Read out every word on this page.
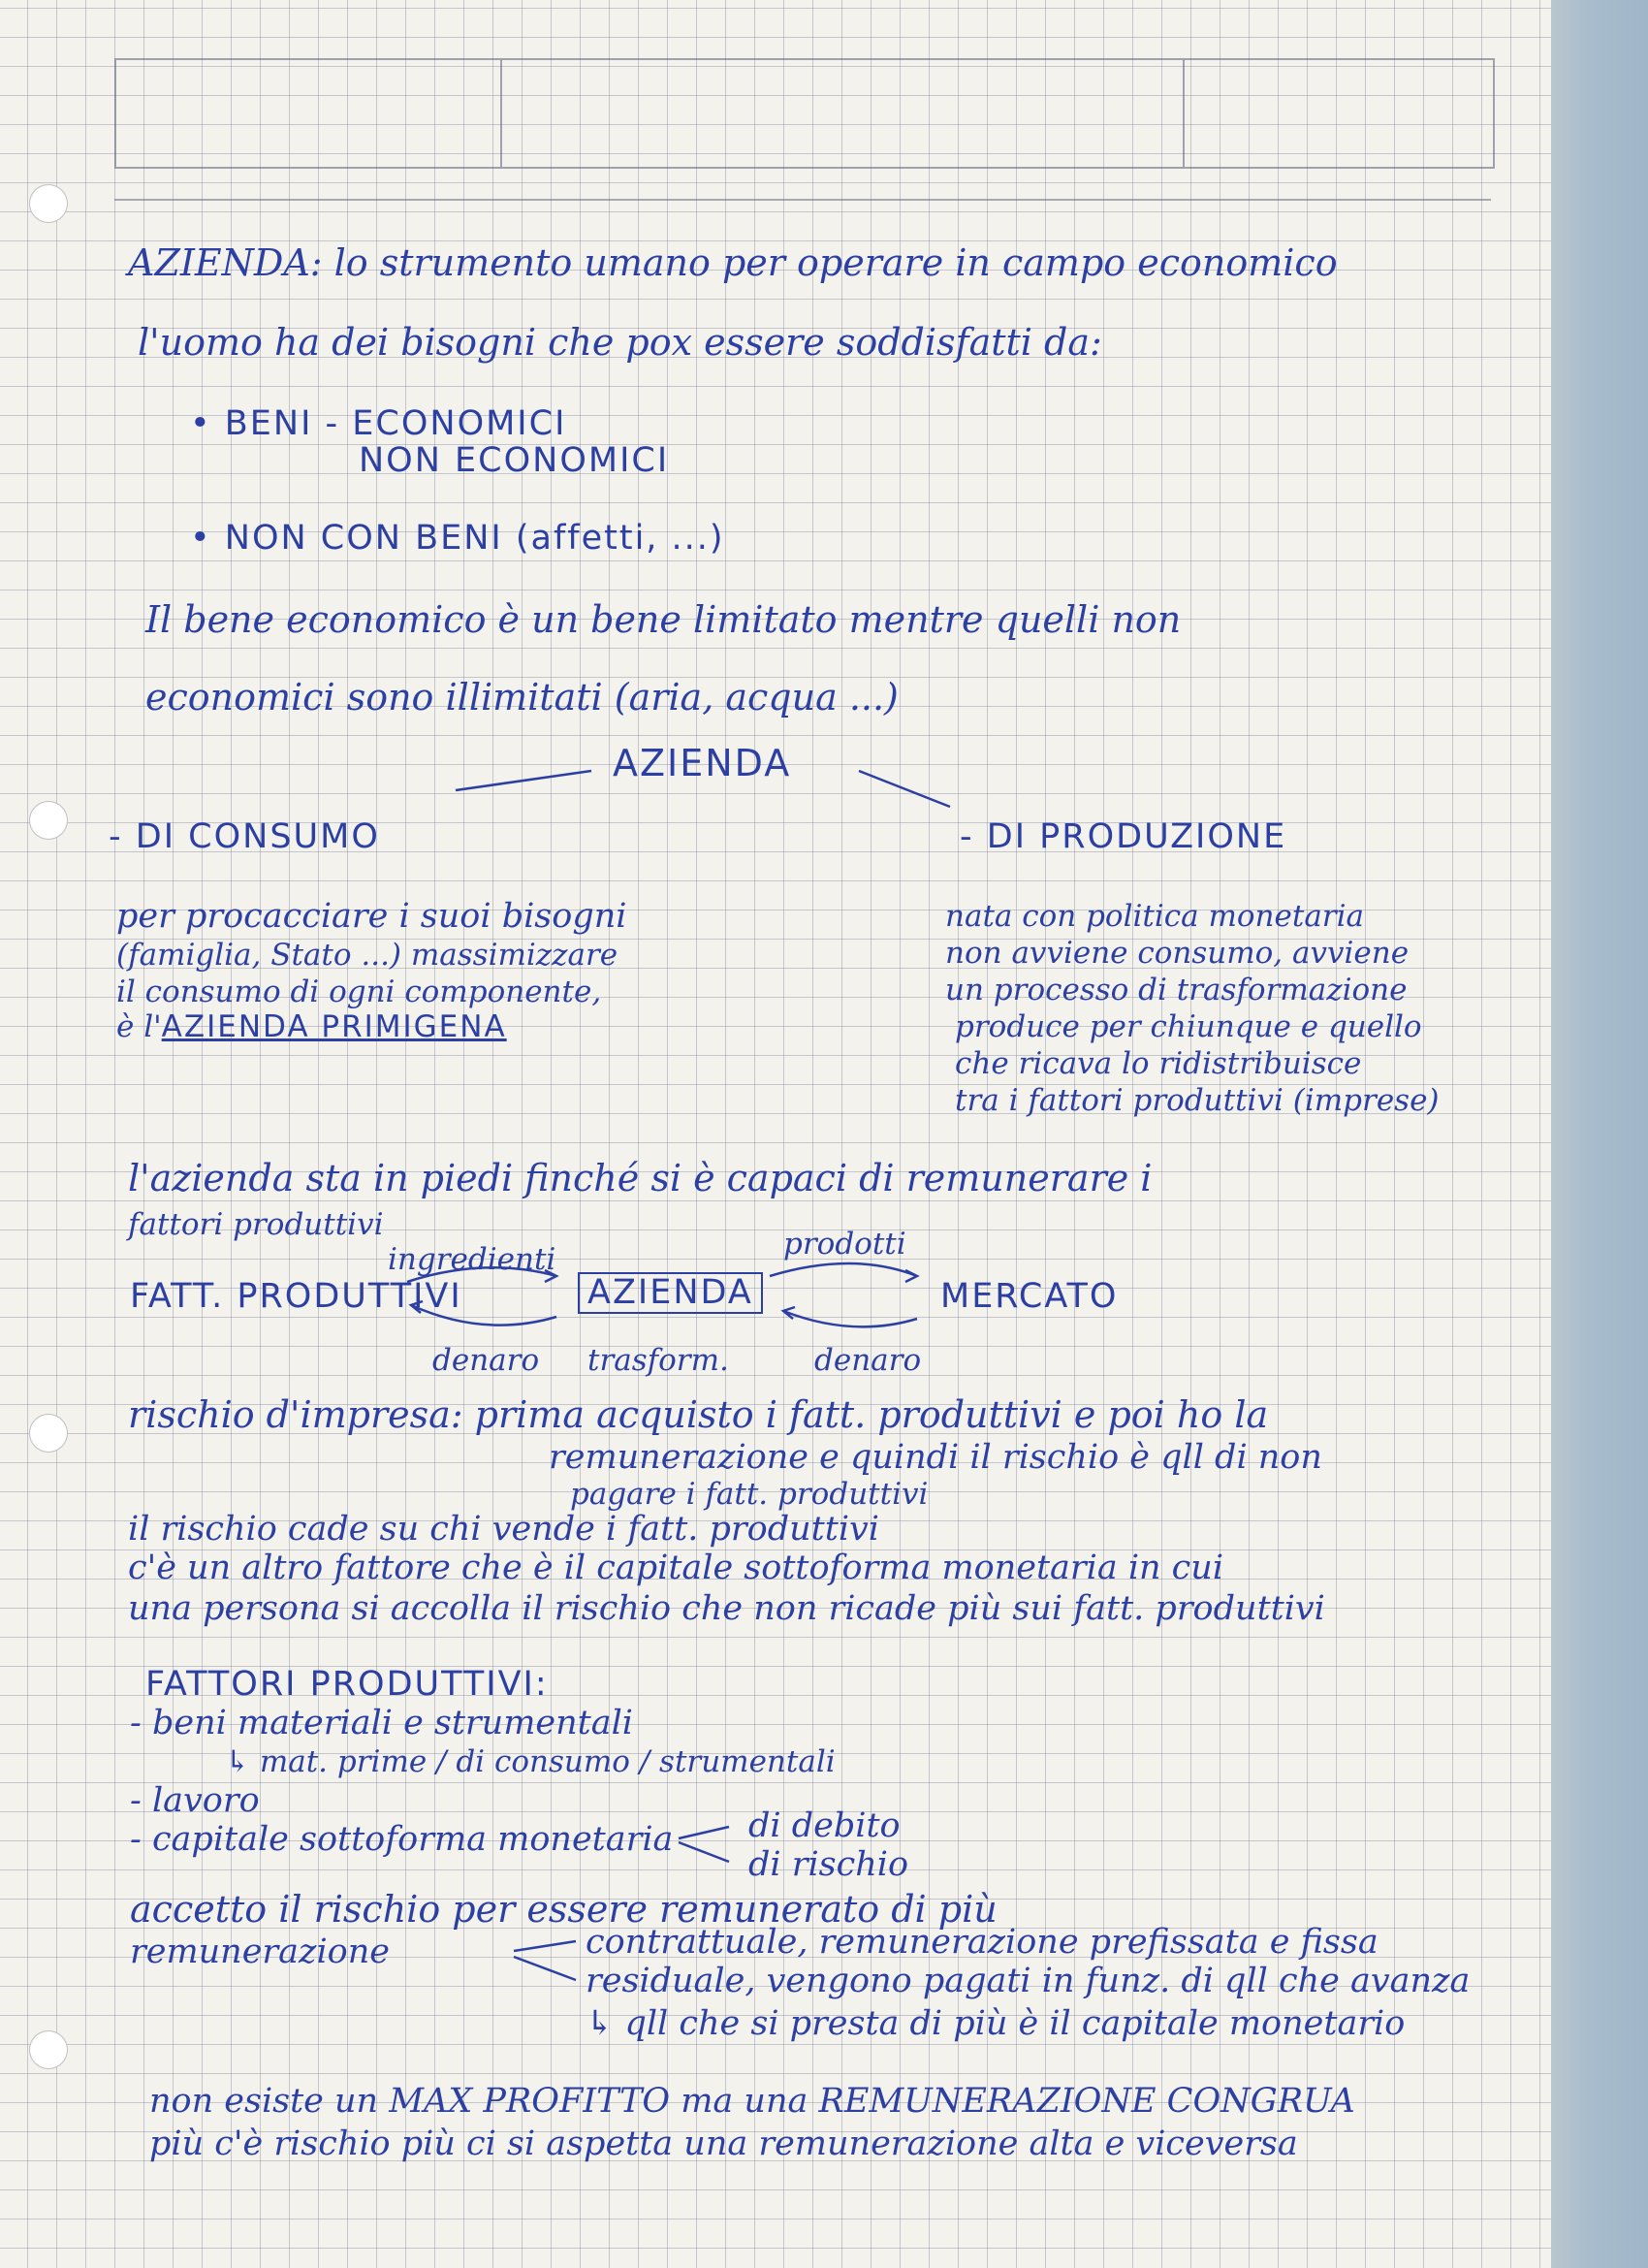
AZIENDA: lo strumento umano per operare in campo economico
l'uomo ha dei bisogni che pox essere soddisfatti da:
• BENI - ECONOMICI
NON ECONOMICI
• NON CON BENI (affetti, ...)
Il bene economico è un bene limitato mentre quelli non
economici sono illimitati (aria, acqua ...)
AZIENDA
- DI CONSUMO	- DI PRODUZIONE
per procacciare i suoi bisogni
(famiglia, Stato ...) massimizzare
il consumo di ogni componente,
è l'AZIENDA PRIMIGENA
nata con politica monetaria
non avviene consumo, avviene
un processo di trasformazione
produce per chiunque e quello
che ricava lo ridistribuisce
tra i fattori produttivi (imprese)
l'azienda sta in piedi finché si è capaci di remunerare i
fattori produttivi
ingredienti	prodotti
FATT. PRODUTTIVI	AZIENDA	MERCATO
denaro trasform.	denaro
rischio d'impresa: prima acquisto i fatt. produttivi e poi ho la
remunerazione e quindi il rischio è qll di non
pagare i fatt. produttivi
il rischio cade su chi vende i fatt. produttivi
c'è un altro fattore che è il capitale sottoforma monetaria in cui
una persona si accolla il rischio che non ricade più sui fatt. produttivi
FATTORI PRODUTTIVI:
- beni materiali e strumentali
↳ mat. prime / di consumo / strumentali
- lavoro
- capitale sottoforma monetaria di debito
di rischio
accetto il rischio per essere remunerato di più
remunerazione	contrattuale, remunerazione prefissata e fissa
residuale, vengono pagati in funz. di qll che avanza
↳ qll che si presta di più è il capitale monetario
non esiste un MAX PROFITTO ma una REMUNERAZIONE CONGRUA
più c'è rischio più ci si aspetta una remunerazione alta e viceversa
